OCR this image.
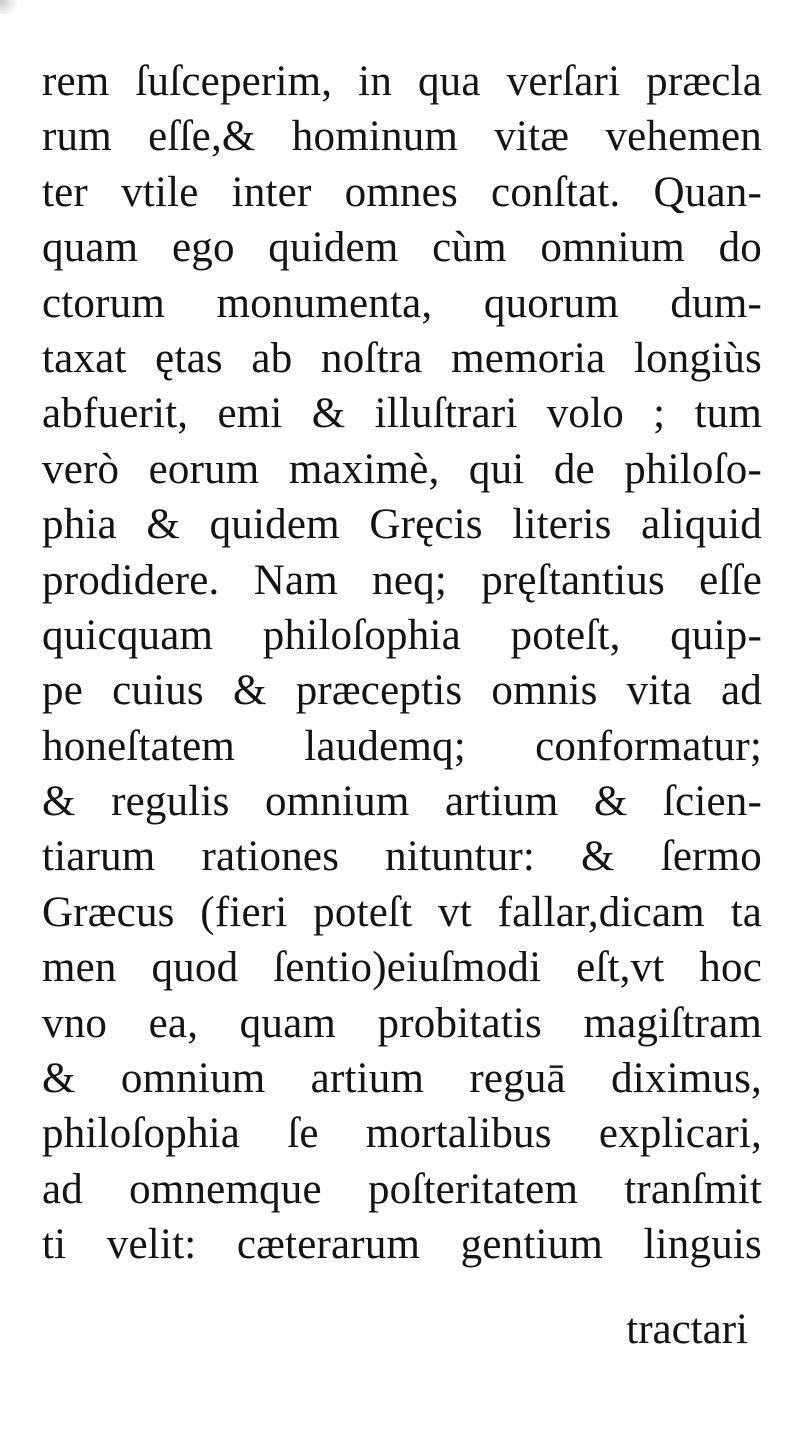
rem ſuſceperim, in qua verſari præcla
rum eſſe,& hominum vitæ vehemen
ter vtile inter omnes conſtat. Quan-
quam ego quidem cùm omnium do
ctorum monumenta, quorum dum-
taxat ętas ab noſtra memoria longiùs
abfuerit, emi & illuſtrari volo ; tum
verò eorum maximè, qui de philoſo-
phia & quidem Gręcis literis aliquid
prodidere. Nam neq; pręſtantius eſſe
quicquam philoſophia poteſt, quip-
pe cuius & præceptis omnis vita ad
honeſtatem laudemq; conformatur;
& regulis omnium artium & ſcien-
tiarum rationes nituntur: & ſermo
Græcus (fieri poteſt vt fallar,dicam ta
men quod ſentio)eiuſmodi eſt,vt hoc
vno ea, quam probitatis magiſtram
& omnium artium reguā diximus,
philoſophia ſe mortalibus explicari,
ad omnemque poſteritatem tranſmit
ti velit: cæterarum gentium linguis
tractari
